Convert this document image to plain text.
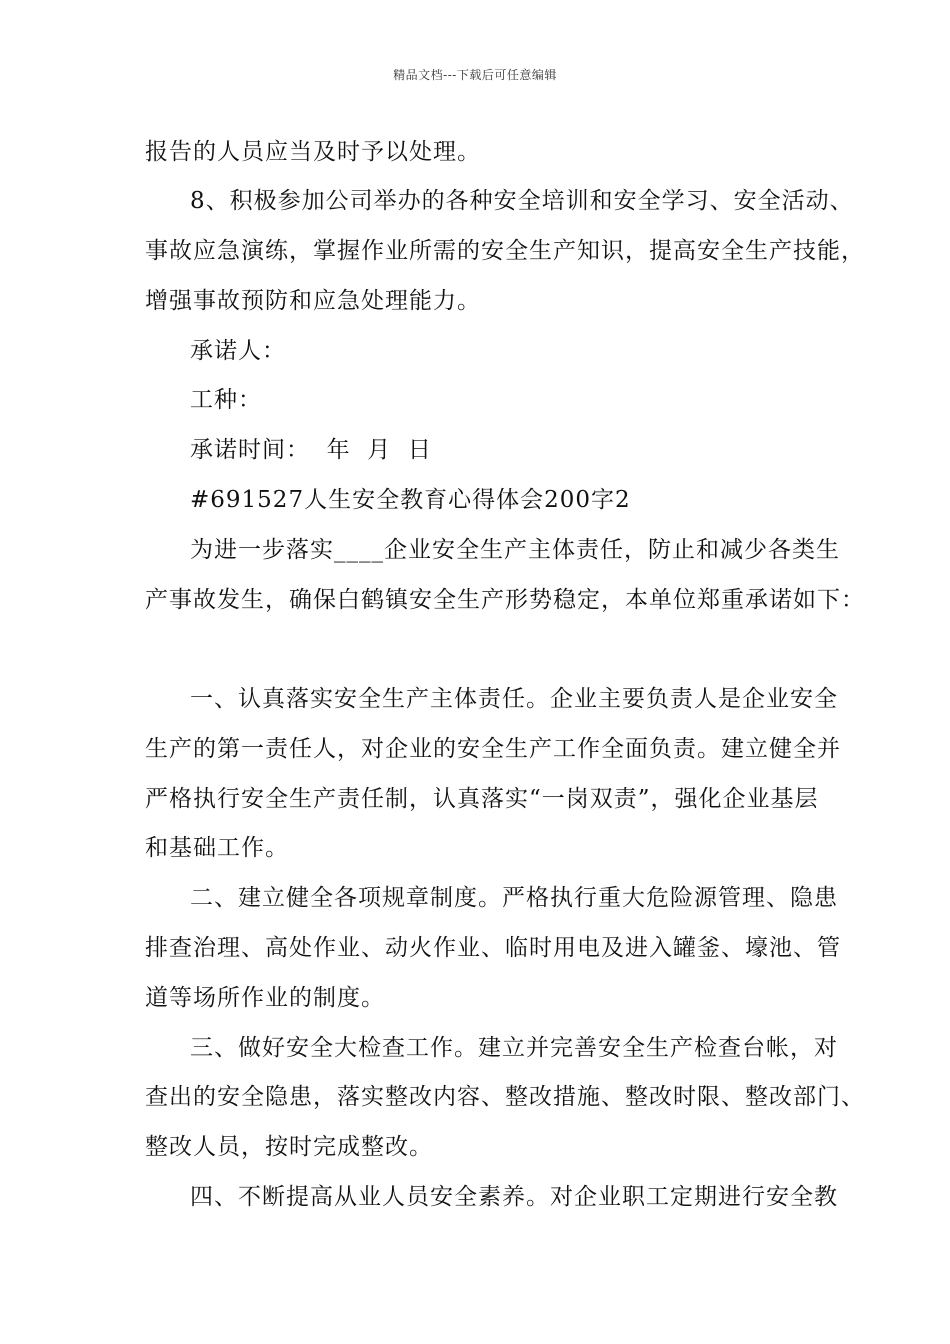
精品文档---下载后可任意编辑
报告的人员应当及时予以处理。
8、积极参加公司举办的各种安全培训和安全学习、安全活动、
事故应急演练，掌握作业所需的安全生产知识，提高安全生产技能，
增强事故预防和应急处理能力。
承诺人：
工种：
承诺时间：  年  月  日
#691527人生安全教育心得体会200字2
为进一步落实____企业安全生产主体责任，防止和减少各类生
产事故发生，确保白鹤镇安全生产形势稳定，本单位郑重承诺如下：
一、认真落实安全生产主体责任。企业主要负责人是企业安全
生产的第一责任人，对企业的安全生产工作全面负责。建立健全并
严格执行安全生产责任制，认真落实“一岗双责”，强化企业基层
和基础工作。
二、建立健全各项规章制度。严格执行重大危险源管理、隐患
排查治理、高处作业、动火作业、临时用电及进入罐釜、壕池、管
道等场所作业的制度。
三、做好安全大检查工作。建立并完善安全生产检查台帐，对
查出的安全隐患，落实整改内容、整改措施、整改时限、整改部门、
整改人员，按时完成整改。
四、不断提高从业人员安全素养。对企业职工定期进行安全教
